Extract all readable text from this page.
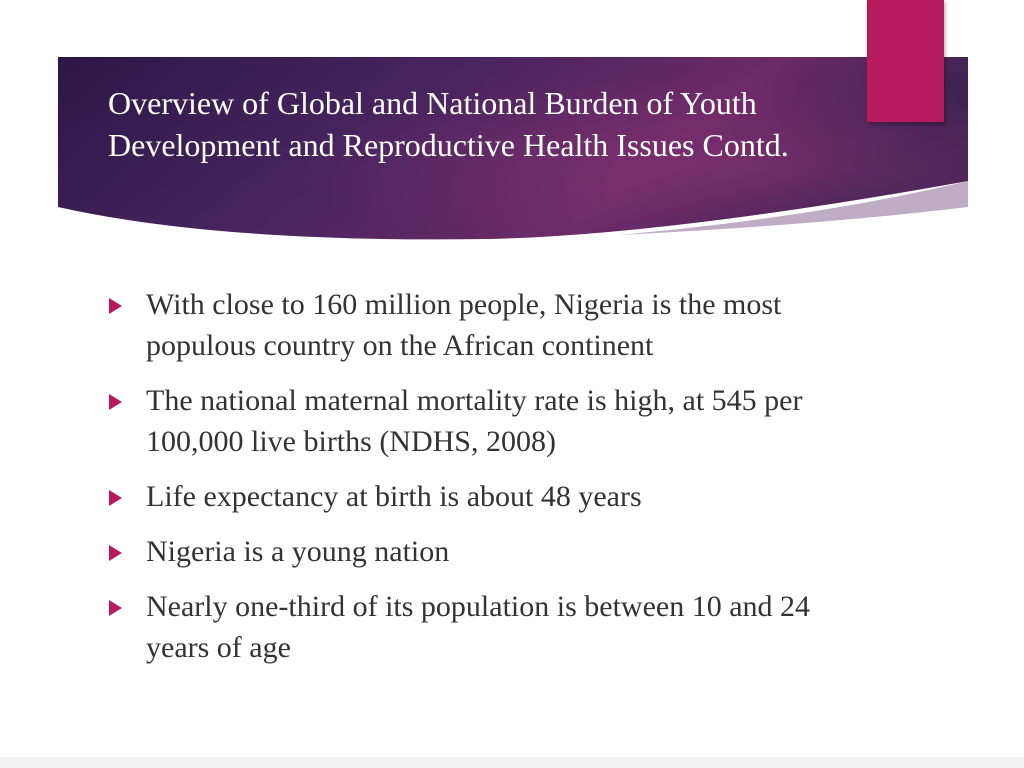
Overview of Global and National Burden of Youth Development and Reproductive Health Issues Contd.
With close to 160 million people, Nigeria is the most populous country on the African continent
The national maternal mortality rate is high, at 545 per 100,000 live births (NDHS, 2008)
Life expectancy at birth is about 48 years
Nigeria is a young nation
Nearly one-third of its population is between 10 and 24 years of age
